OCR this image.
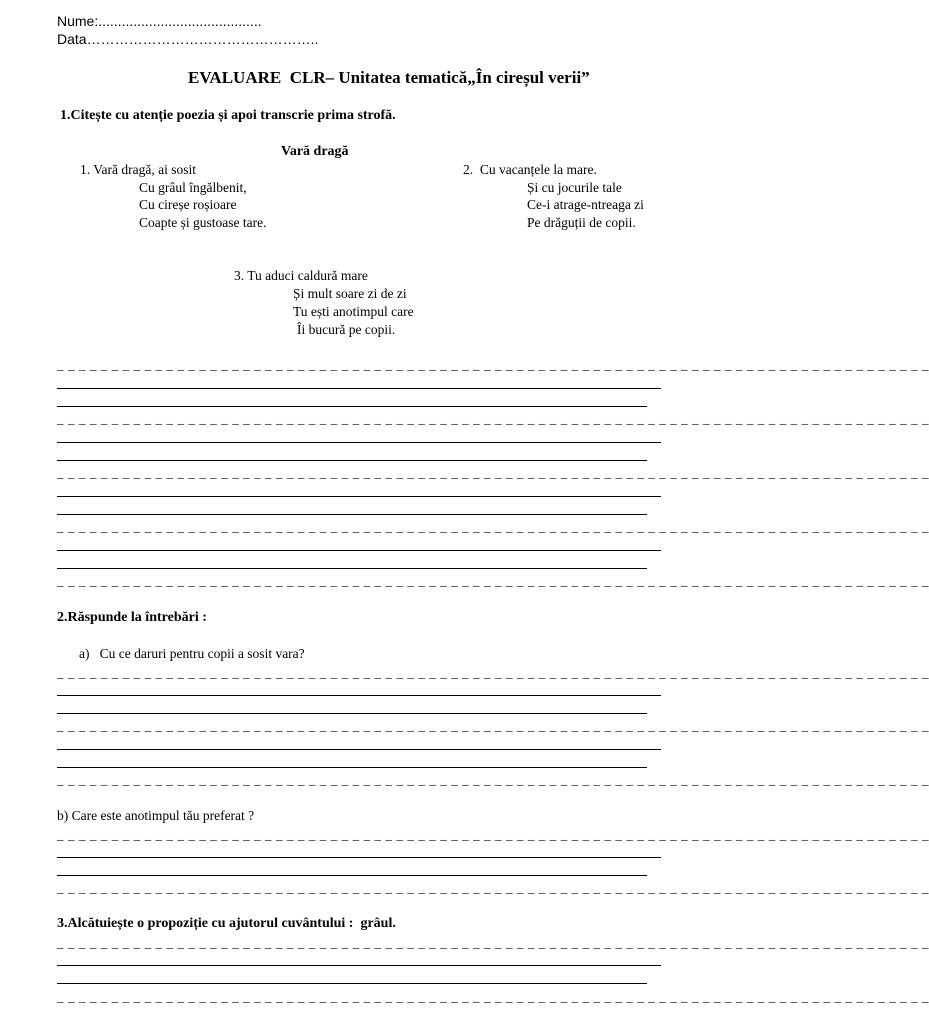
Nume:..........................................
Data…………………………………………..
EVALUARE  CLR– Unitatea tematică„În cireșul verii”
1.Citește cu atenție poezia și apoi transcrie prima strofă.
Vară dragă
1. Vară dragă, ai sosit
Cu grâul îngălbenit,
Cu cireșe roșioare
Coapte și gustoase tare.
2.  Cu vacanțele la mare.
Și cu jocurile tale
Ce-i atrage-ntreaga zi
Pe drăguții de copii.
3. Tu aduci caldură mare
Și mult soare zi de zi
Tu ești anotimpul care
Îi bucură pe copii.
_ _ _ _ _ _ _ _ _ _ _ _ _ _ _ _ _ _ _ _ _ _ _ _ _ _ _ _ _ _ _ _ _ _ _ _ _ _ _ _ _ _ _ _ _ _ _ _ _ _ _ _ _ _ _ _ _ _ _ _ _ _ _ _ _ _ _ _ _ _ _ _ _ _ _ _ _ _ _ _
_ _ _ _ _ _ _ _ _ _ _ _ _ _ _ _ _ _ _ _ _ _ _ _ _ _ _ _ _ _ _ _ _ _ _ _ _ _ _ _ _ _ _ _ _ _ _ _ _ _ _ _ _ _ _ _ _ _ _ _ _ _ _ _ _ _ _ _ _ _ _ _ _ _ _ _ _ _ _ _
_ _ _ _ _ _ _ _ _ _ _ _ _ _ _ _ _ _ _ _ _ _ _ _ _ _ _ _ _ _ _ _ _ _ _ _ _ _ _ _ _ _ _ _ _ _ _ _ _ _ _ _ _ _ _ _ _ _ _ _ _ _ _ _ _ _ _ _ _ _ _ _ _ _ _ _ _ _ _ _
_ _ _ _ _ _ _ _ _ _ _ _ _ _ _ _ _ _ _ _ _ _ _ _ _ _ _ _ _ _ _ _ _ _ _ _ _ _ _ _ _ _ _ _ _ _ _ _ _ _ _ _ _ _ _ _ _ _ _ _ _ _ _ _ _ _ _ _ _ _ _ _ _ _ _ _ _ _ _ _
_ _ _ _ _ _ _ _ _ _ _ _ _ _ _ _ _ _ _ _ _ _ _ _ _ _ _ _ _ _ _ _ _ _ _ _ _ _ _ _ _ _ _ _ _ _ _ _ _ _ _ _ _ _ _ _ _ _ _ _ _ _ _ _ _ _ _ _ _ _ _ _ _ _ _ _ _ _ _ _
2.Răspunde la întrebări :
a)   Cu ce daruri pentru copii a sosit vara?
_ _ _ _ _ _ _ _ _ _ _ _ _ _ _ _ _ _ _ _ _ _ _ _ _ _ _ _ _ _ _ _ _ _ _ _ _ _ _ _ _ _ _ _ _ _ _ _ _ _ _ _ _ _ _ _ _ _ _ _ _ _ _ _ _ _ _ _ _ _ _ _ _ _ _ _ _ _ _ _
_ _ _ _ _ _ _ _ _ _ _ _ _ _ _ _ _ _ _ _ _ _ _ _ _ _ _ _ _ _ _ _ _ _ _ _ _ _ _ _ _ _ _ _ _ _ _ _ _ _ _ _ _ _ _ _ _ _ _ _ _ _ _ _ _ _ _ _ _ _ _ _ _ _ _ _ _ _ _ _
_ _ _ _ _ _ _ _ _ _ _ _ _ _ _ _ _ _ _ _ _ _ _ _ _ _ _ _ _ _ _ _ _ _ _ _ _ _ _ _ _ _ _ _ _ _ _ _ _ _ _ _ _ _ _ _ _ _ _ _ _ _ _ _ _ _ _ _ _ _ _ _ _ _ _ _ _ _ _ _
b) Care este anotimpul tău preferat ?
_ _ _ _ _ _ _ _ _ _ _ _ _ _ _ _ _ _ _ _ _ _ _ _ _ _ _ _ _ _ _ _ _ _ _ _ _ _ _ _ _ _ _ _ _ _ _ _ _ _ _ _ _ _ _ _ _ _ _ _ _ _ _ _ _ _ _ _ _ _ _ _ _ _ _ _ _ _ _ _
_ _ _ _ _ _ _ _ _ _ _ _ _ _ _ _ _ _ _ _ _ _ _ _ _ _ _ _ _ _ _ _ _ _ _ _ _ _ _ _ _ _ _ _ _ _ _ _ _ _ _ _ _ _ _ _ _ _ _ _ _ _ _ _ _ _ _ _ _ _ _ _ _ _ _ _ _ _ _ _
3.Alcătuiește o propoziție cu ajutorul cuvântului :  grâul.
_ _ _ _ _ _ _ _ _ _ _ _ _ _ _ _ _ _ _ _ _ _ _ _ _ _ _ _ _ _ _ _ _ _ _ _ _ _ _ _ _ _ _ _ _ _ _ _ _ _ _ _ _ _ _ _ _ _ _ _ _ _ _ _ _ _ _ _ _ _ _ _ _ _ _ _ _ _ _ _
_ _ _ _ _ _ _ _ _ _ _ _ _ _ _ _ _ _ _ _ _ _ _ _ _ _ _ _ _ _ _ _ _ _ _ _ _ _ _ _ _ _ _ _ _ _ _ _ _ _ _ _ _ _ _ _ _ _ _ _ _ _ _ _ _ _ _ _ _ _ _ _ _ _ _ _ _ _ _ _
